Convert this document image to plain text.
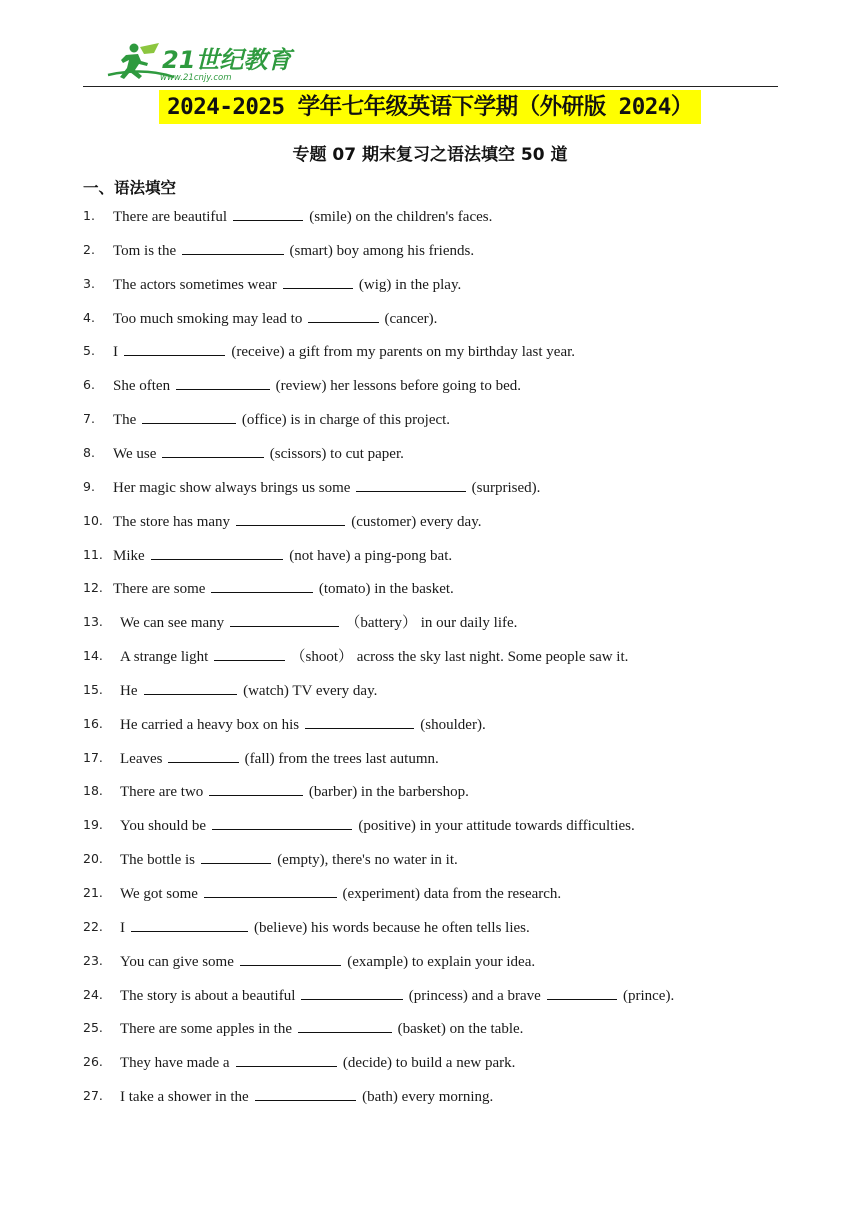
21世纪教育
www.21cnjy.com
2024-2025 学年七年级英语下学期（外研版 2024）
专题 07 期末复习之语法填空 50 道
一、语法填空
1. There are beautiful	(smile) on the children's faces.
2. Tom is the	(smart) boy among his friends.
3. The actors sometimes wear	(wig) in the play.
4. Too much smoking may lead to	(cancer).
5. I	(receive) a gift from my parents on my birthday last year.
6. She often	(review) her lessons before going to bed.
7. The	(office) is in charge of this project.
8. We use	(scissors) to cut paper.
9. Her magic show always brings us some	(surprised).
10. The store has many	(customer) every day.
11. Mike	(not have) a ping-pong bat.
12. There are some	(tomato) in the basket.
13. We can see many	（battery） in our daily life.
14. A strange light	（shoot） across the sky last night. Some people saw it.
15. He	(watch) TV every day.
16. He carried a heavy box on his	(shoulder).
17. Leaves	(fall) from the trees last autumn.
18. There are two	(barber) in the barbershop.
19. You should be	(positive) in your attitude towards difficulties.
20. The bottle is	(empty), there's no water in it.
21. We got some	(experiment) data from the research.
22. I	(believe) his words because he often tells lies.
23. You can give some	(example) to explain your idea.
24. The story is about a beautiful	(princess) and a brave	(prince).
25. There are some apples in the	(basket) on the table.
26. They have made a	(decide) to build a new park.
27. I take a shower in the	(bath) every morning.
